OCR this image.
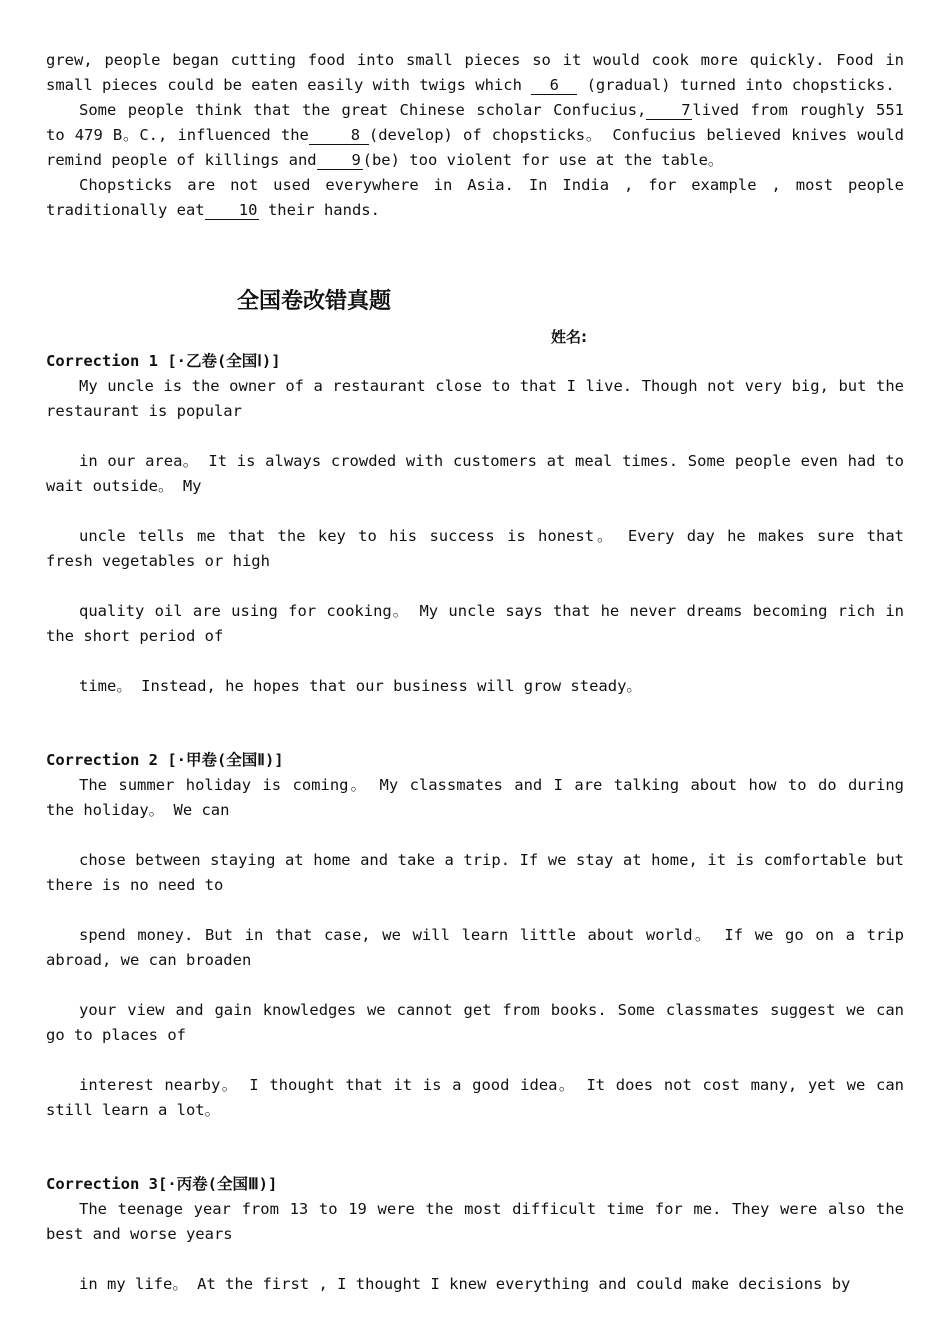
grew, people began cutting food into small pieces so it would cook more quickly. Food in small pieces could be eaten easily with twigs which 6 (gradual) turned into chopsticks.

Some people think that the great Chinese scholar Confucius, 7 lived from roughly 551 to 479 B。C., influenced the	8 (develop) of chopsticks。 Confucius believed knives would remind people of killings and 9 (be) too violent for use at the table。

Chopsticks are not used everywhere in Asia. In India , for example , most people traditionally eat 10 their hands.

全国卷改错真题
姓名:
Correction 1 [·乙卷(全国Ⅰ)]

My uncle is the owner of a restaurant close to that I live. Though not very big, but the restaurant is popular

in our area。 It is always crowded with customers at meal times. Some people even had to wait outside。 My

uncle tells me that the key to his success is honest。 Every day he makes sure that fresh vegetables or high

quality oil are using for cooking。 My uncle says that he never dreams becoming rich in the short period of

time。 Instead, he hopes that our business will grow steady。

Correction 2 [·甲卷(全国Ⅱ)]

The summer holiday is coming。 My classmates and I are talking about how to do during the holiday。 We can

chose between staying at home and take a trip. If we stay at home, it is comfortable but there is no need to

spend money. But in that case, we will learn little about world。 If we go on a trip abroad, we can broaden

your view and gain knowledges we cannot get from books. Some classmates suggest we can go to places of

interest nearby。 I thought that it is a good idea。 It does not cost many, yet we can still learn a lot。

Correction 3[·丙卷(全国Ⅲ)]

The teenage year from 13 to 19 were the most difficult time for me. They were also the best and worse years

in my life。 At the first , I thought I knew everything and could make decisions by
